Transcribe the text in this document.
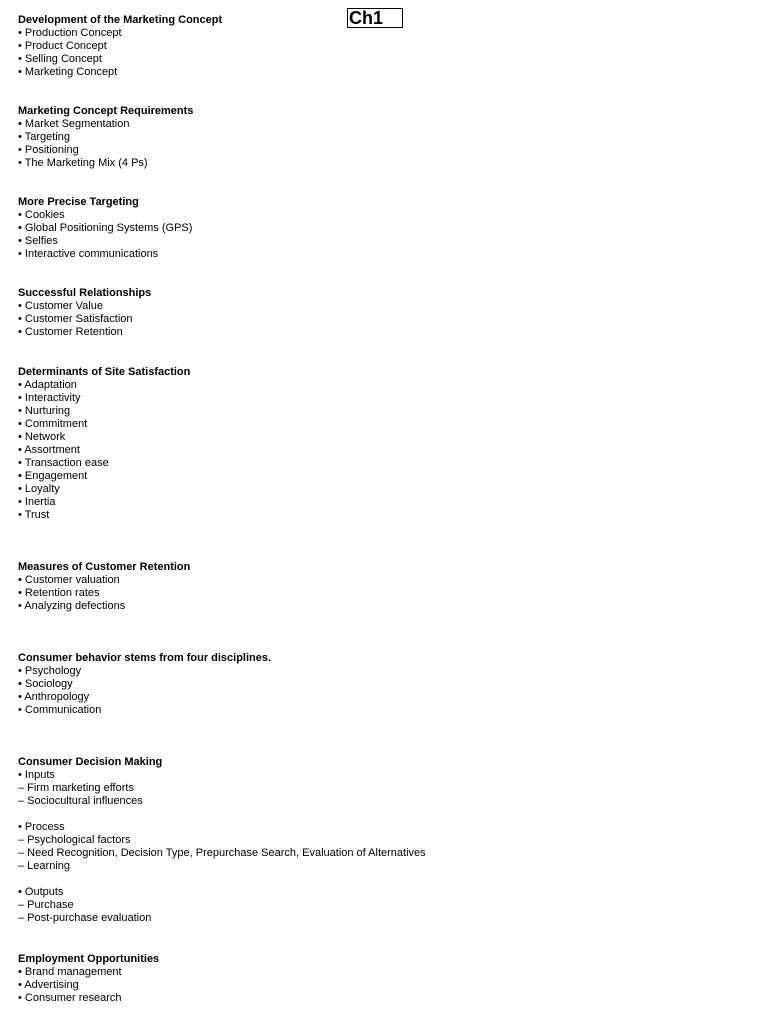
Ch1
Development of the Marketing Concept
• Production Concept
• Product Concept
• Selling Concept
• Marketing Concept
Marketing Concept Requirements
• Market Segmentation
• Targeting
• Positioning
• The Marketing Mix (4 Ps)
More Precise Targeting
• Cookies
• Global Positioning Systems (GPS)
• Selfies
• Interactive communications
Successful Relationships
• Customer Value
• Customer Satisfaction
• Customer Retention
Determinants of Site Satisfaction
• Adaptation
• Interactivity
• Nurturing
• Commitment
• Network
• Assortment
• Transaction ease
• Engagement
• Loyalty
• Inertia
• Trust
Measures of Customer Retention
• Customer valuation
• Retention rates
• Analyzing defections
Consumer behavior stems from four disciplines.
• Psychology
• Sociology
• Anthropology
• Communication
Consumer Decision Making
• Inputs
– Firm marketing efforts
– Sociocultural influences
• Process
– Psychological factors
– Need Recognition, Decision Type, Prepurchase Search, Evaluation of Alternatives
– Learning
• Outputs
– Purchase
– Post-purchase evaluation
Employment Opportunities
• Brand management
• Advertising
• Consumer research
